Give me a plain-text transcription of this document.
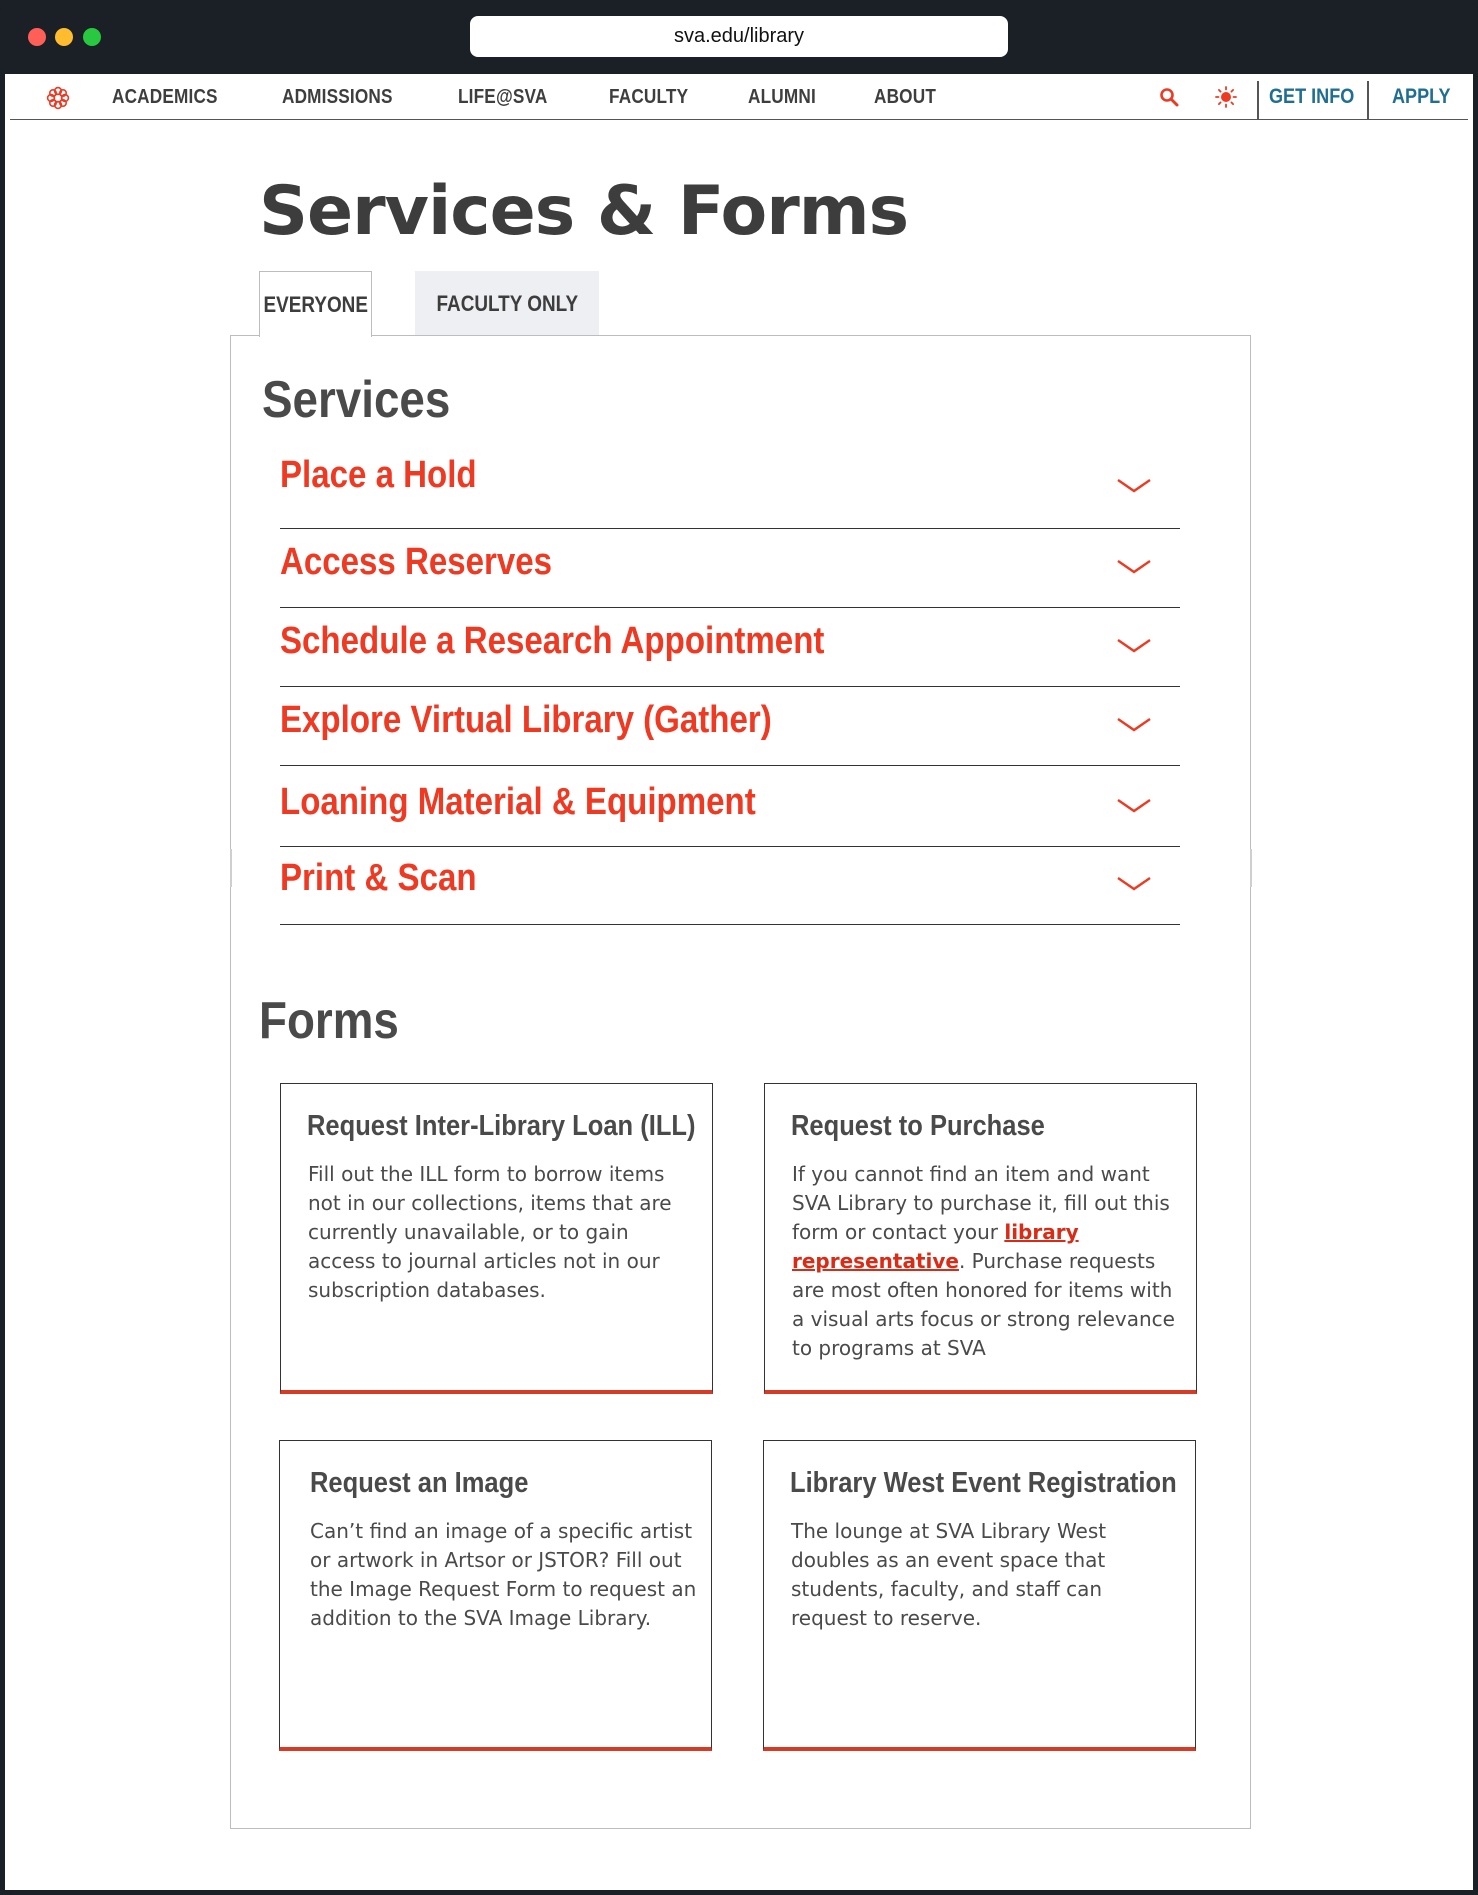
sva.edu/library
ACADEMICS	ADMISSIONS	LIFE@SVA	FACULTY	ALUMNI	ABOUT	GET INFO APPLY
Services & Forms
EVERYONE	FACULTY ONLY
Services
Place a Hold
Access Reserves
Schedule a Research Appointment
Explore Virtual Library (Gather)
Loaning Material & Equipment
Print & Scan
Forms
Request Inter-Library Loan (ILL)

Fill out the ILL form to borrow items not in our collections, items that are currently unavailable, or to gain access to journal articles not in our subscription databases.

Request to Purchase

If you cannot find an item and want SVA Library to purchase it, fill out this form or contact your library representative. Purchase requests are most often honored for items with a visual arts focus or strong relevance to programs at SVA

Request an Image

Can’t find an image of a specific artist or artwork in Artsor or JSTOR? Fill out the Image Request Form to request an addition to the SVA Image Library.

Library West Event Registration

The lounge at SVA Library West doubles as an event space that students, faculty, and staff can request to reserve.
